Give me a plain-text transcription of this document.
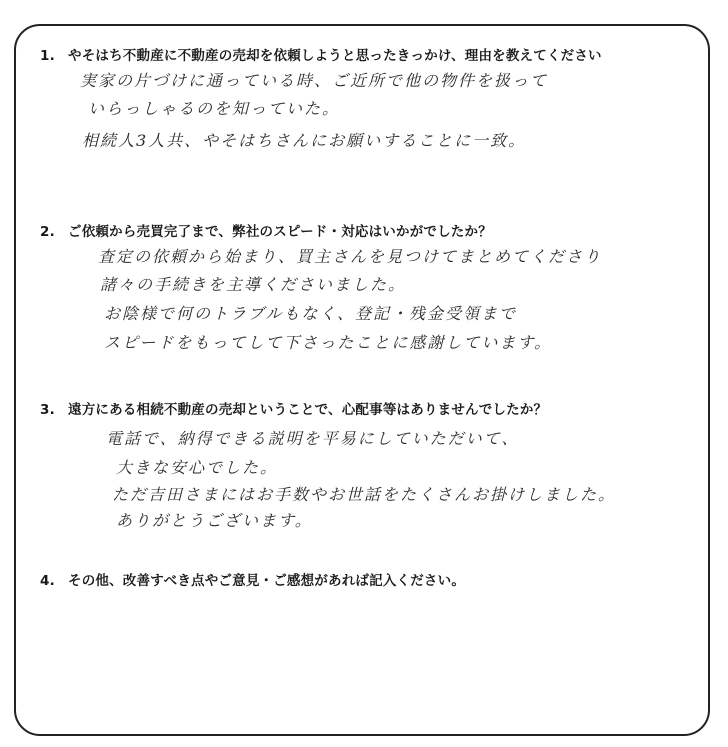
1. やそはち不動産に不動産の売却を依頼しようと思ったきっかけ、理由を教えてください
実家の片づけに通っている時、ご近所で他の物件を扱って
いらっしゃるのを知っていた。
相続人3人共、やそはちさんにお願いすることに一致。
2. ご依頼から売買完了まで、弊社のスピード・対応はいかがでしたか？
査定の依頼から始まり、買主さんを見つけてまとめてくださり
諸々の手続きを主導くださいました。
お陰様で何のトラブルもなく、登記・残金受領まで
スピードをもってして下さったことに感謝しています。
3. 遠方にある相続不動産の売却ということで、心配事等はありませんでしたか？
電話で、納得できる説明を平易にしていただいて、
大きな安心でした。
ただ吉田さまにはお手数やお世話をたくさんお掛けしました。
ありがとうございます。
4. その他、改善すべき点やご意見・ご感想があれば記入ください。
